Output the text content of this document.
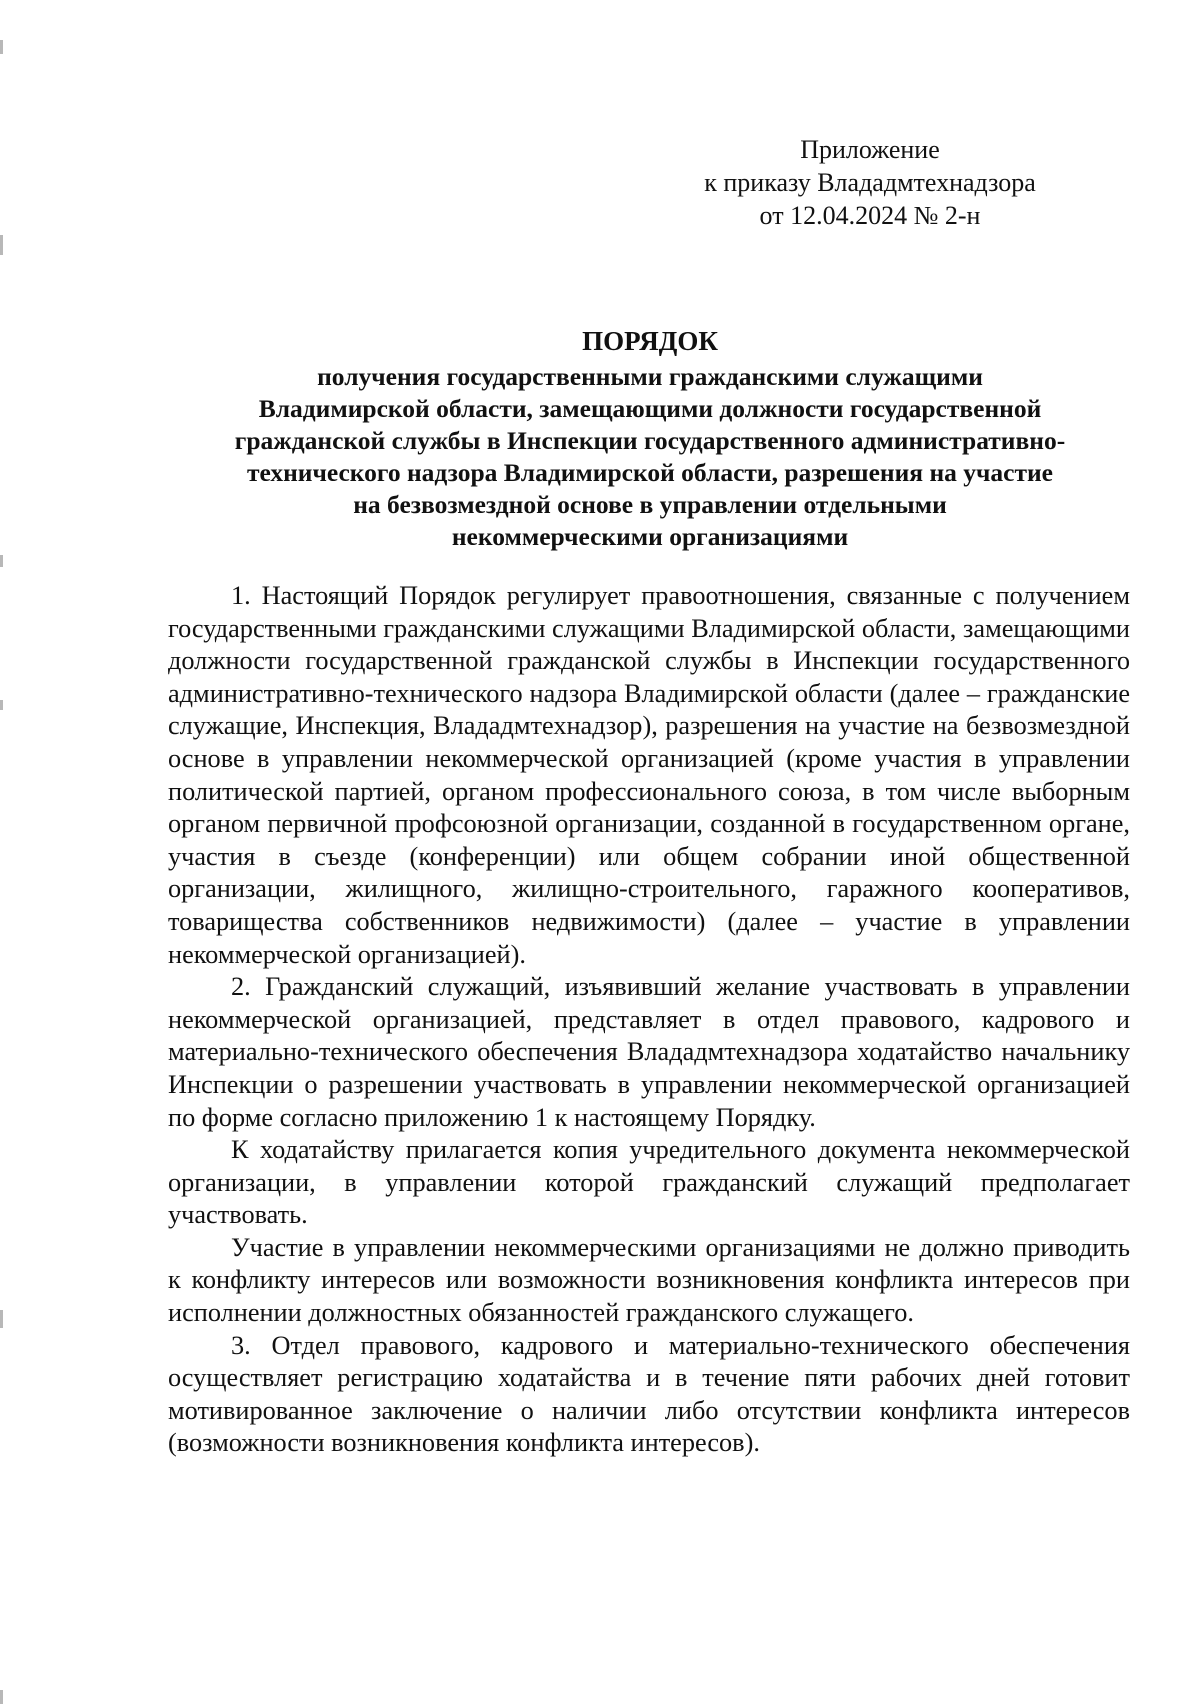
Приложение
к приказу Влададмтехнадзора
от 12.04.2024 № 2-н
ПОРЯДОК
получения государственными гражданскими служащими
Владимирской области, замещающими должности государственной
гражданской службы в Инспекции государственного административно-
технического надзора Владимирской области, разрешения на участие
на безвозмездной основе в управлении отдельными
некоммерческими организациями

1. Настоящий Порядок регулирует правоотношения, связанные с получением государственными гражданскими служащими Владимирской области, замещающими должности государственной гражданской службы в Инспекции государственного административно-технического надзора Владимирской области (далее – гражданские служащие, Инспекция, Влададмтехнадзор), разрешения на участие на безвозмездной основе в управлении некоммерческой организацией (кроме участия в управлении политической партией, органом профессионального союза, в том числе выборным органом первичной профсоюзной организации, созданной в государственном органе, участия в съезде (конференции) или общем собрании иной общественной организации, жилищного, жилищно-строительного, гаражного кооперативов, товарищества собственников недвижимости) (далее – участие в управлении некоммерческой организацией).

2. Гражданский служащий, изъявивший желание участвовать в управлении некоммерческой организацией, представляет в отдел правового, кадрового и материально-технического обеспечения Влададмтехнадзора ходатайство начальнику Инспекции о разрешении участвовать в управлении некоммерческой организацией по форме согласно приложению 1 к настоящему Порядку.

К ходатайству прилагается копия учредительного документа некоммерческой организации, в управлении которой гражданский служащий предполагает участвовать.

Участие в управлении некоммерческими организациями не должно приводить к конфликту интересов или возможности возникновения конфликта интересов при исполнении должностных обязанностей гражданского служащего.

3. Отдел правового, кадрового и материально-технического обеспечения осуществляет регистрацию ходатайства и в течение пяти рабочих дней готовит мотивированное заключение о наличии либо отсутствии конфликта интересов (возможности возникновения конфликта интересов).
